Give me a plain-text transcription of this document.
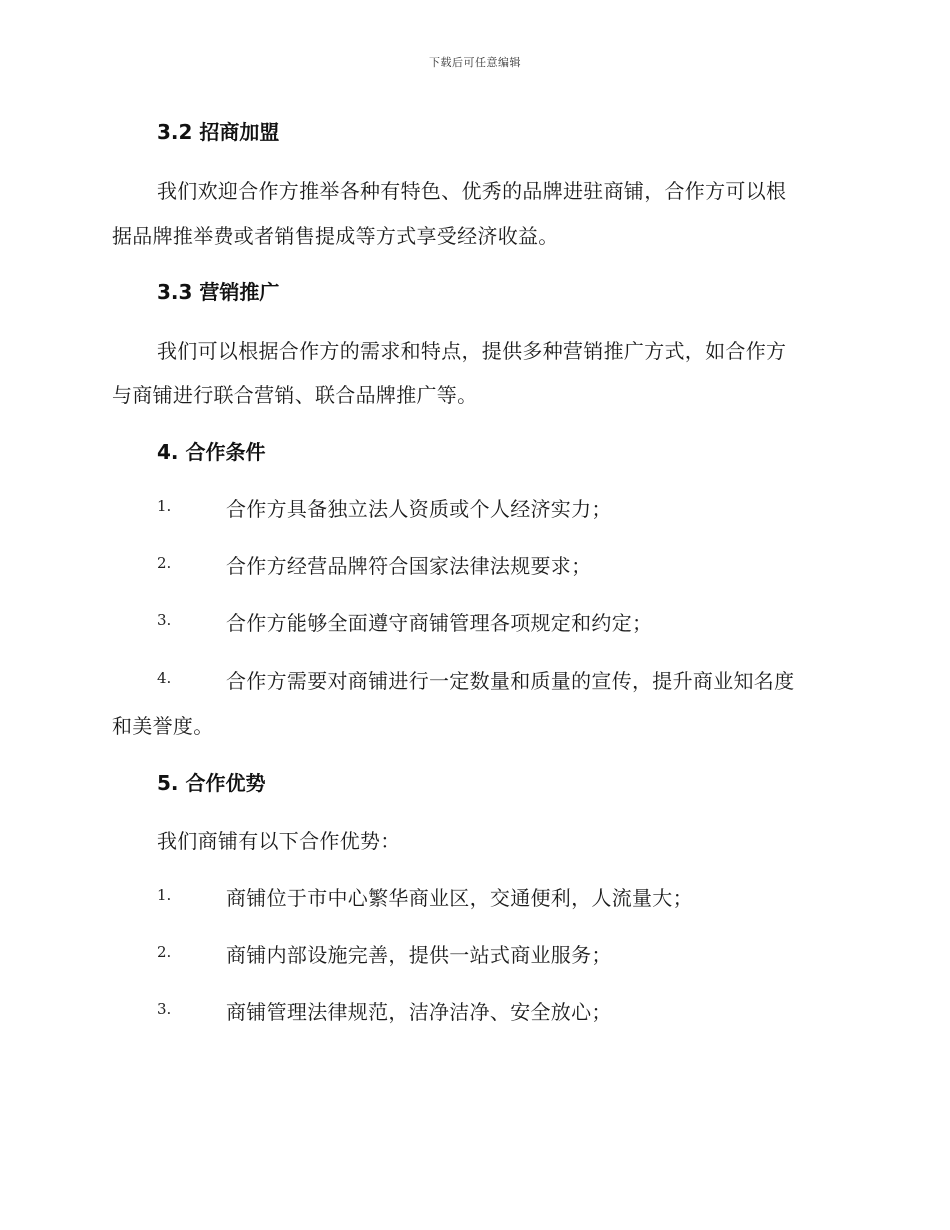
下载后可任意编辑
3.2 招商加盟
我们欢迎合作方推举各种有特色、优秀的品牌进驻商铺，合作方可以根
据品牌推举费或者销售提成等方式享受经济收益。
3.3 营销推广
我们可以根据合作方的需求和特点，提供多种营销推广方式，如合作方
与商铺进行联合营销、联合品牌推广等。
4. 合作条件
1.	合作方具备独立法人资质或个人经济实力；
2.	合作方经营品牌符合国家法律法规要求；
3.	合作方能够全面遵守商铺管理各项规定和约定；
4.	合作方需要对商铺进行一定数量和质量的宣传，提升商业知名度
和美誉度。
5. 合作优势
我们商铺有以下合作优势：
1.	商铺位于市中心繁华商业区，交通便利，人流量大；
2.	商铺内部设施完善，提供一站式商业服务；
3.	商铺管理法律规范，洁净洁净、安全放心；
